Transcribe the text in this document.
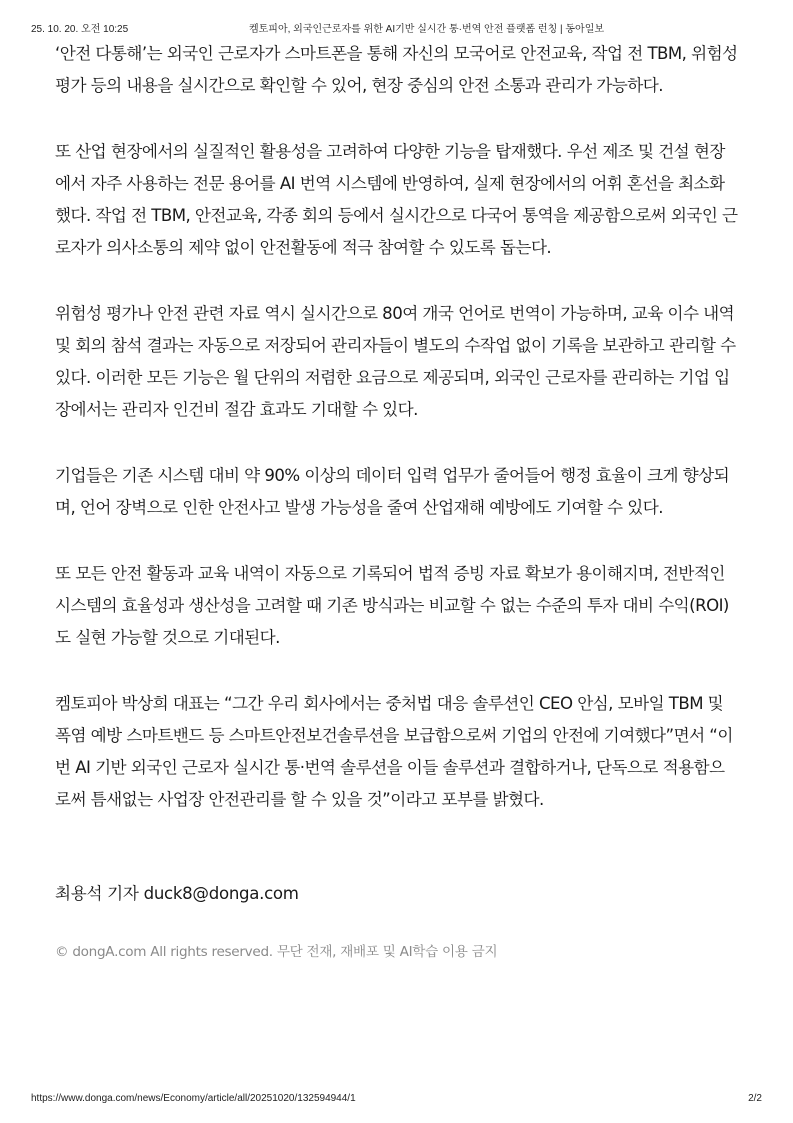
25. 10. 20. 오전 10:25	켐토피아, 외국인근로자를 위한 AI기반 실시간 통·번역 안전 플랫폼 런칭 | 동아일보

‘안전 다통해’는 외국인 근로자가 스마트폰을 통해 자신의 모국어로 안전교육, 작업 전 TBM, 위험성 평가 등의 내용을 실시간으로 확인할 수 있어, 현장 중심의 안전 소통과 관리가 가능하다.

또 산업 현장에서의 실질적인 활용성을 고려하여 다양한 기능을 탑재했다. 우선 제조 및 건설 현장에서 자주 사용하는 전문 용어를 AI 번역 시스템에 반영하여, 실제 현장에서의 어휘 혼선을 최소화했다. 작업 전 TBM, 안전교육, 각종 회의 등에서 실시간으로 다국어 통역을 제공함으로써 외국인 근로자가 의사소통의 제약 없이 안전활동에 적극 참여할 수 있도록 돕는다.

위험성 평가나 안전 관련 자료 역시 실시간으로 80여 개국 언어로 번역이 가능하며, 교육 이수 내역 및 회의 참석 결과는 자동으로 저장되어 관리자들이 별도의 수작업 없이 기록을 보관하고 관리할 수 있다. 이러한 모든 기능은 월 단위의 저렴한 요금으로 제공되며, 외국인 근로자를 관리하는 기업 입장에서는 관리자 인건비 절감 효과도 기대할 수 있다.

기업들은 기존 시스템 대비 약 90% 이상의 데이터 입력 업무가 줄어들어 행정 효율이 크게 향상되며, 언어 장벽으로 인한 안전사고 발생 가능성을 줄여 산업재해 예방에도 기여할 수 있다.

또 모든 안전 활동과 교육 내역이 자동으로 기록되어 법적 증빙 자료 확보가 용이해지며, 전반적인 시스템의 효율성과 생산성을 고려할 때 기존 방식과는 비교할 수 없는 수준의 투자 대비 수익(ROI)도 실현 가능할 것으로 기대된다.

켐토피아 박상희 대표는 “그간 우리 회사에서는 중처법 대응 솔루션인 CEO 안심, 모바일 TBM 및 폭염 예방 스마트밴드 등 스마트안전보건솔루션을 보급함으로써 기업의 안전에 기여했다”면서 “이번 AI 기반 외국인 근로자 실시간 통·번역 솔루션을 이들 솔루션과 결합하거나, 단독으로 적용함으로써 틈새없는 사업장 안전관리를 할 수 있을 것”이라고 포부를 밝혔다.

최용석 기자 duck8@donga.com
© dongA.com All rights reserved. 무단 전재, 재배포 및 AI학습 이용 금지
https://www.donga.com/news/Economy/article/all/20251020/132594944/1	2/2
